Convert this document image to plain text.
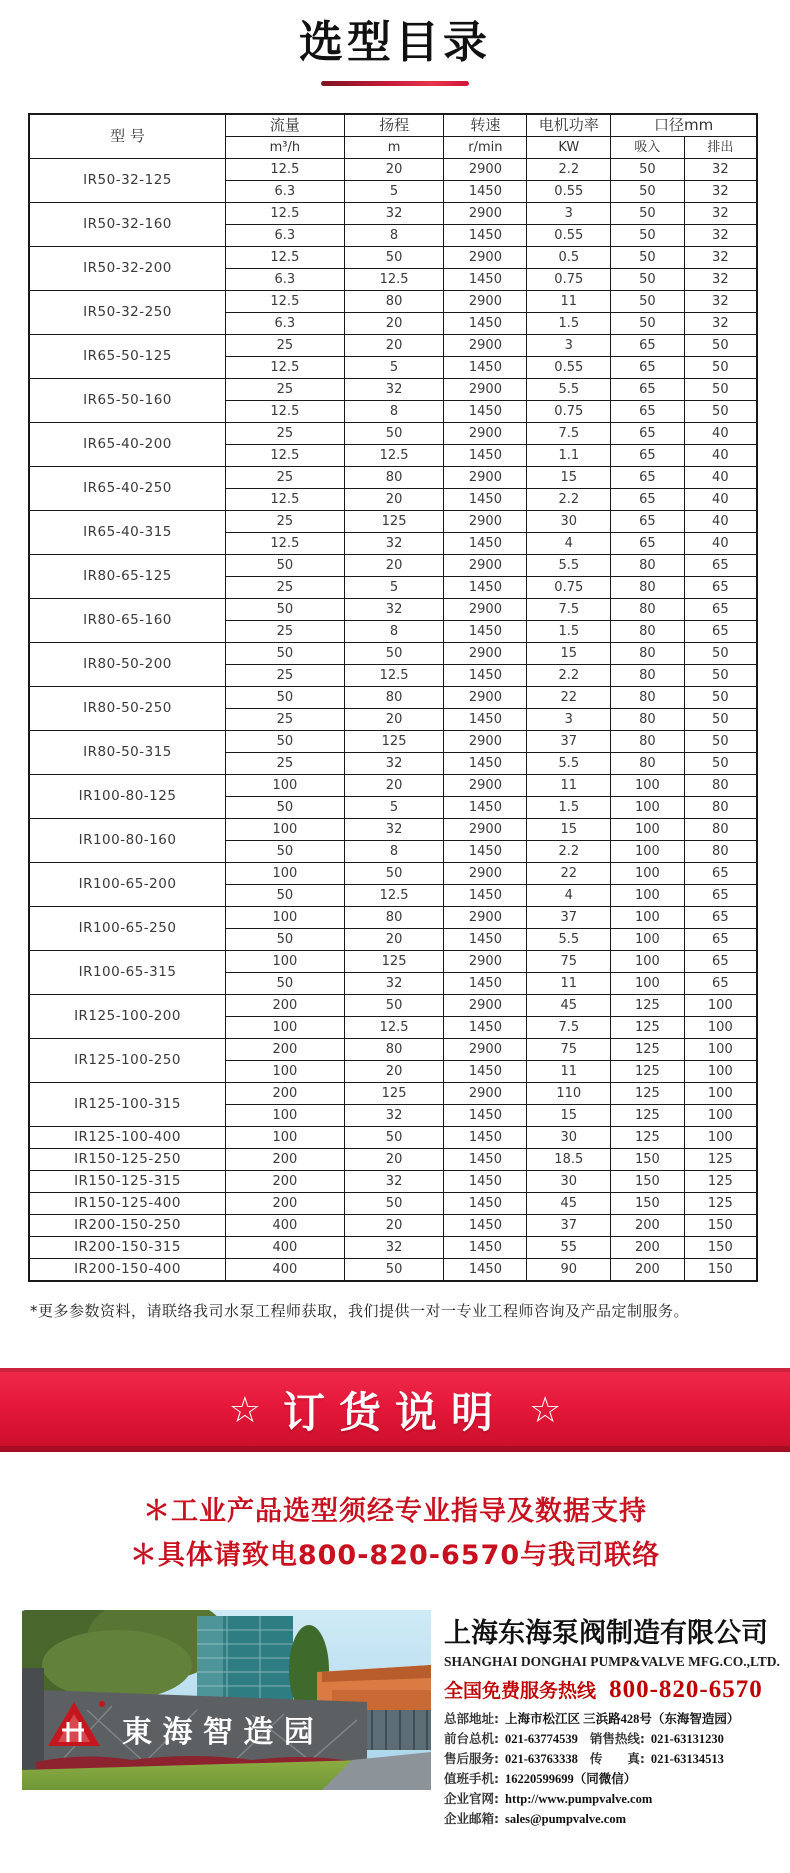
选型目录
型 号	流量	扬程	转速	电机功率	口径mm	
	m³/h	m	r/min	KW	吸入	排出
IR50-32-125	12.5	20	2900	2.2	50	32
	6.3	5	1450	0.55	50	32
IR50-32-160	12.5	32	2900	3	50	32
	6.3	8	1450	0.55	50	32
IR50-32-200	12.5	50	2900	0.5	50	32
	6.3	12.5	1450	0.75	50	32
IR50-32-250	12.5	80	2900	11	50	32
	6.3	20	1450	1.5	50	32
IR65-50-125	25	20	2900	3	65	50
	12.5	5	1450	0.55	65	50
IR65-50-160	25	32	2900	5.5	65	50
	12.5	8	1450	0.75	65	50
IR65-40-200	25	50	2900	7.5	65	40
	12.5	12.5	1450	1.1	65	40
IR65-40-250	25	80	2900	15	65	40
	12.5	20	1450	2.2	65	40
IR65-40-315	25	125	2900	30	65	40
	12.5	32	1450	4	65	40
IR80-65-125	50	20	2900	5.5	80	65
	25	5	1450	0.75	80	65
IR80-65-160	50	32	2900	7.5	80	65
	25	8	1450	1.5	80	65
IR80-50-200	50	50	2900	15	80	50
	25	12.5	1450	2.2	80	50
IR80-50-250	50	80	2900	22	80	50
	25	20	1450	3	80	50
IR80-50-315	50	125	2900	37	80	50
	25	32	1450	5.5	80	50
IR100-80-125	100	20	2900	11	100	80
	50	5	1450	1.5	100	80
IR100-80-160	100	32	2900	15	100	80
	50	8	1450	2.2	100	80
IR100-65-200	100	50	2900	22	100	65
	50	12.5	1450	4	100	65
IR100-65-250	100	80	2900	37	100	65
	50	20	1450	5.5	100	65
IR100-65-315	100	125	2900	75	100	65
	50	32	1450	11	100	65
IR125-100-200	200	50	2900	45	125	100
	100	12.5	1450	7.5	125	100
IR125-100-250	200	80	2900	75	125	100
	100	20	1450	11	125	100
IR125-100-315	200	125	2900	110	125	100
	100	32	1450	15	125	100
IR125-100-400	100	50	1450	30	125	100
IR150-125-250	200	20	1450	18.5	150	125
IR150-125-315	200	32	1450	30	150	125
IR150-125-400	200	50	1450	45	150	125
IR200-150-250	400	20	1450	37	200	150
IR200-150-315	400	32	1450	55	200	150
IR200-150-400	400	50	1450	90	200	150
*更多参数资料，请联络我司水泵工程师获取，我们提供一对一专业工程师咨询及产品定制服务。
☆ 订货说明 ☆
＊工业产品选型须经专业指导及数据支持
＊具体请致电800-820-6570与我司联络
東 海 智 造 园
上海东海泵阀制造有限公司
SHANGHAI DONGHAI PUMP&VALVE MFG.CO.,LTD.
全国免费服务热线 800-820-6570
总部地址: 上海市松江区 三浜路428号（东海智造园）
前台总机: 021-63774539 销售热线: 021-63131230
售后服务: 021-63763338 传　　真: 021-63134513
值班手机: 16220599699（同微信）
企业官网: http://www.pumpvalve.com
企业邮箱: sales@pumpvalve.com
